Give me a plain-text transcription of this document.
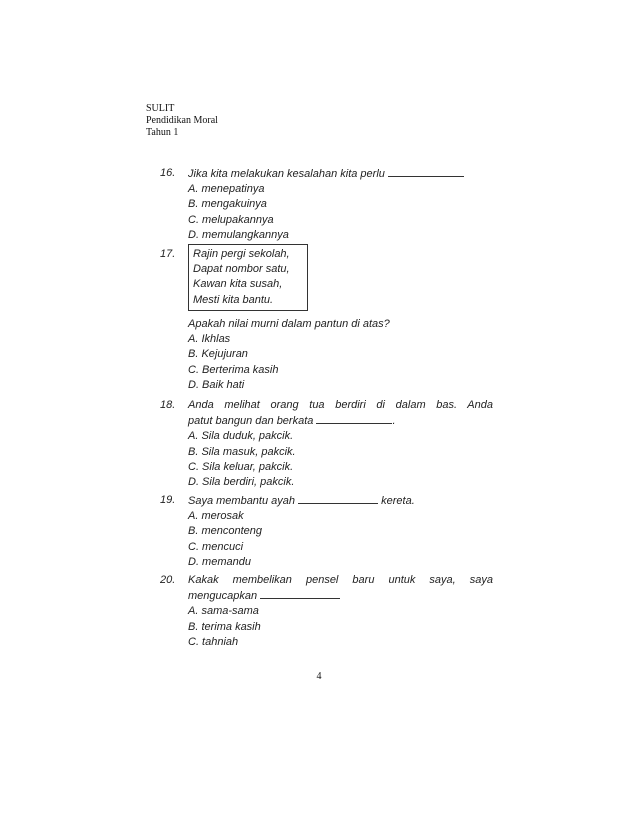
SULIT
Pendidikan Moral
Tahun 1
16.	Jika kita melakukan kesalahan kita perlu
A. menepatinya
B. mengakuinya
C. melupakannya
D. memulangkannya
17.	Rajin pergi sekolah,
Dapat nombor satu,
Kawan kita susah,
Mesti kita bantu.
Apakah nilai murni dalam pantun di atas?
A. Ikhlas
B. Kejujuran
C. Berterima kasih
D. Baik hati
18.	Anda melihat orang tua berdiri di dalam bas. Anda
patut bangun dan berkata	.
A. Sila duduk, pakcik.
B. Sila masuk, pakcik.
C. Sila keluar, pakcik.
D. Sila berdiri, pakcik.
19.	Saya membantu ayah	kereta.
A. merosak
B. menconteng
C. mencuci
D. memandu
20.	Kakak membelikan pensel baru untuk saya, saya
mengucapkan
A. sama-sama
B. terima kasih
C. tahniah
4
